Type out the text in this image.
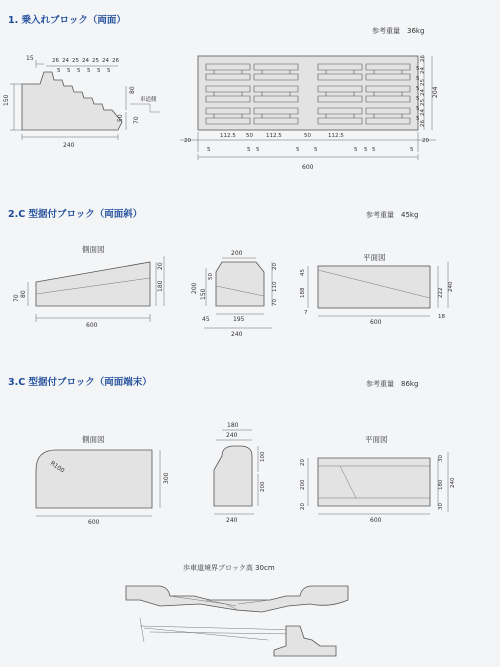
1. 乗入れブロック（両面）
参考重量　36kg
2.C 型据付ブロック（両面斜）	参考重量　45kg
3.C 型据付ブロック（両面端末）	参考重量　86kg
側面図
平面図
側面図	平面図
歩車道境界ブロック高 30cm
15
150
240
80
50 70
車道側
26 24 25 24 25 24 26
5 5 5 5 5 5
20
112.5 50 112.5	50	112.5
20
5	5 5	5	5	5 5 5	5
600
26
24
25
24
25
24
26
5
5
5
5
5
5
204
70
80
20
180
600
200
200
150
50
20
110
70
45	195
240
45
188
7
222
240
18
600
R100
300
600
180
240
100
200
240
20
200
20
30
180
30
240
600
